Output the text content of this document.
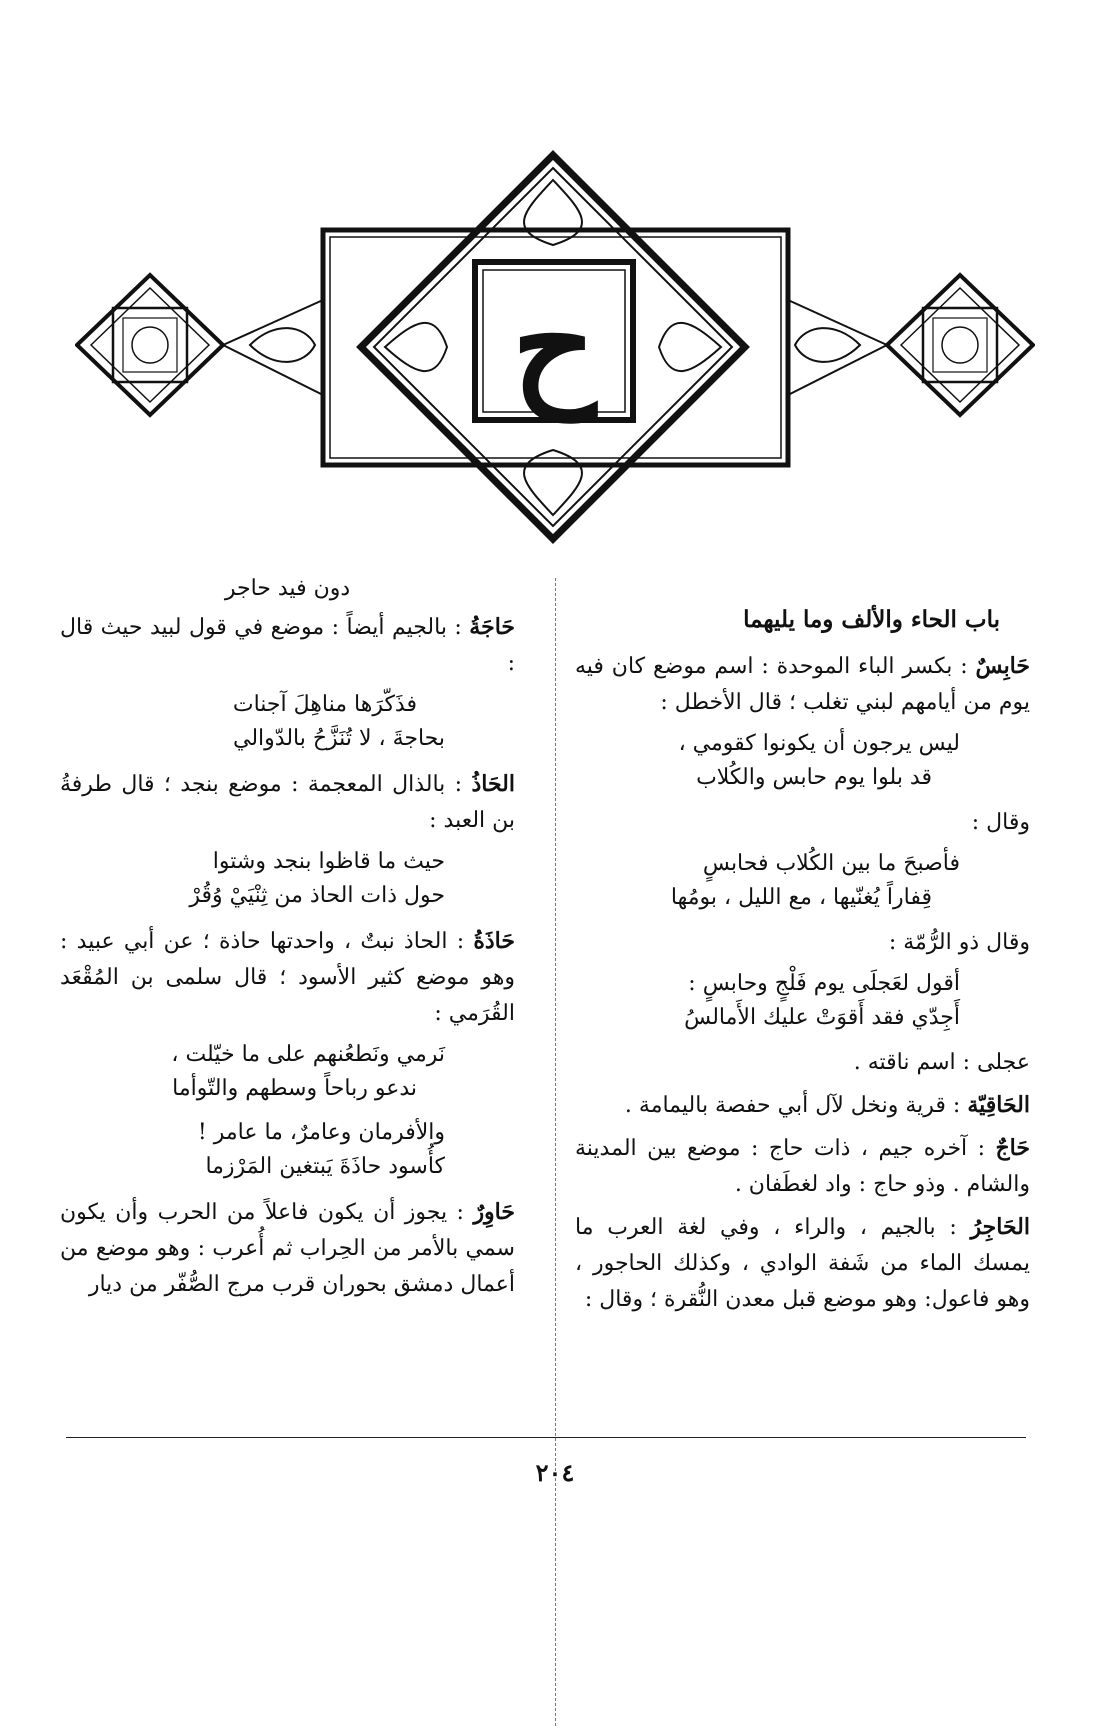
ح
باب الحاء والألف وما يليهما
حَابِسٌ : بكسر الباء الموحدة : اسم موضع كان فيه يوم من أيامهم لبني تغلب ؛ قال الأخطل :
ليس يرجون أن يكونوا كقومي ،
قد بلوا يوم حابس والكُلاب
وقال :
فأصبحَ ما بين الكُلاب فحابسٍ
قِفاراً يُغنّيها ، مع الليل ، بومُها
وقال ذو الرُّمّة :
أقول لعَجلَى يوم فَلْجٍ وحابسٍ :
أَجِدّي فقد أَقوَتْ عليك الأَمالسُ
عجلى : اسم ناقته .
الحَاقِيّة : قرية ونخل لآل أبي حفصة باليمامة .
حَاجٌ : آخره جيم ، ذات حاج : موضع بين المدينة والشام . وذو حاج : واد لغطَفان .
الحَاجِرُ : بالجيم ، والراء ، وفي لغة العرب ما يمسك الماء من شَفة الوادي ، وكذلك الحاجور ، وهو فاعول: وهو موضع قبل معدن النُّقرة ؛ وقال :
دون فيد حاجر
حَاجَةُ : بالجيم أيضاً : موضع في قول لبيد حيث قال :
فذَكّرَها مناهِلَ آجنات
بحاجةَ ، لا تُنَزَّحُ بالدّوالي
الحَاذُ : بالذال المعجمة : موضع بنجد ؛ قال طرفةُ بن العبد :
حيث ما قاظوا بنجد وشتوا
حول ذات الحاذ من ثِنْيَيْ وُقُرْ
حَاذَةُ : الحاذ نبتٌ ، واحدتها حاذة ؛ عن أبي عبيد : وهو موضع كثير الأسود ؛ قال سلمى بن المُقْعَد القُرَمي :
نَرمي ونَطعُنهم على ما خيّلت ،
ندعو رباحاً وسطهم والتّوأما
والأفرمان وعامرٌ، ما عامر !
كأُسود حاذَةَ يَبتغين المَرْزما
حَاوِرٌ : يجوز أن يكون فاعلاً من الحرب وأن يكون سمي بالأمر من الحِراب ثم أُعرب : وهو موضع من أعمال دمشق بحوران قرب مرج الصُّفّر من ديار
٢٠٤
